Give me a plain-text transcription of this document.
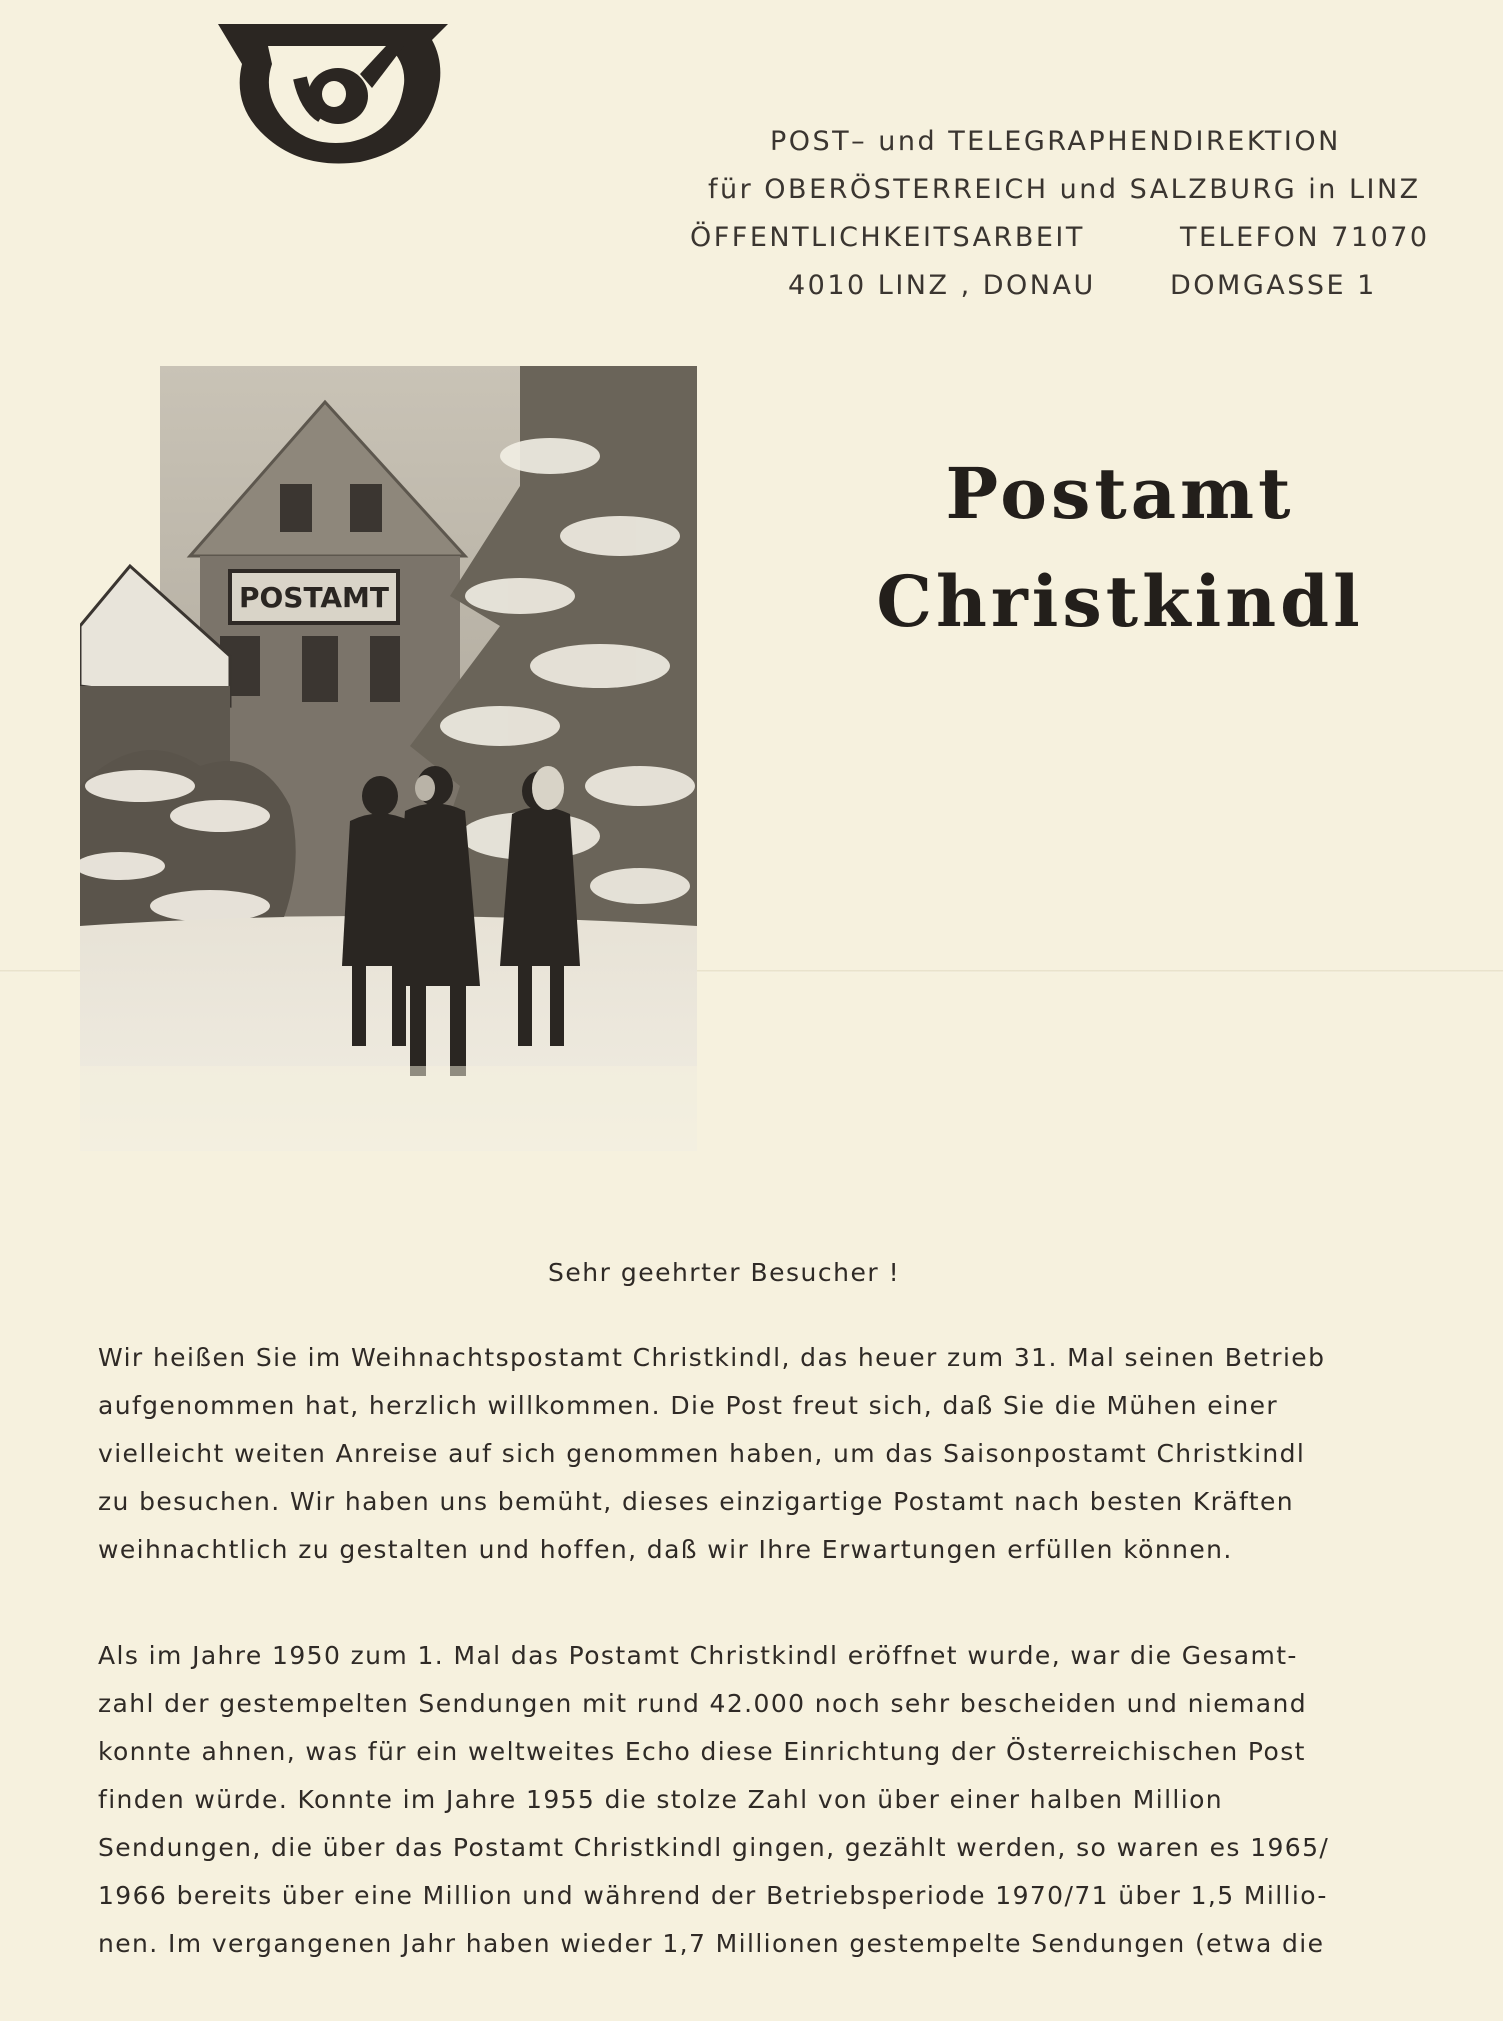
POST– und TELEGRAPHENDIREKTION
für OBERÖSTERREICH und SALZBURG in LINZ
ÖFFENTLICHKEITSARBEIT	TELEFON 71070
4010 LINZ , DONAU	DOMGASSE 1
POSTAMT
Postamt
Christkindl
Sehr geehrter Besucher !
Wir heißen Sie im Weihnachtspostamt Christkindl, das heuer zum 31. Mal seinen Betrieb
aufgenommen hat, herzlich willkommen. Die Post freut sich, daß Sie die Mühen einer
vielleicht weiten Anreise auf sich genommen haben, um das Saisonpostamt Christkindl
zu besuchen. Wir haben uns bemüht, dieses einzigartige Postamt nach besten Kräften
weihnachtlich zu gestalten und hoffen, daß wir Ihre Erwartungen erfüllen können.
Als im Jahre 1950 zum 1. Mal das Postamt Christkindl eröffnet wurde, war die Gesamt-
zahl der gestempelten Sendungen mit rund 42.000 noch sehr bescheiden und niemand
konnte ahnen, was für ein weltweites Echo diese Einrichtung der Österreichischen Post
finden würde. Konnte im Jahre 1955 die stolze Zahl von über einer halben Million
Sendungen, die über das Postamt Christkindl gingen, gezählt werden, so waren es 1965/
1966 bereits über eine Million und während der Betriebsperiode 1970/71 über 1,5 Millio-
nen. Im vergangenen Jahr haben wieder 1,7 Millionen gestempelte Sendungen (etwa die
